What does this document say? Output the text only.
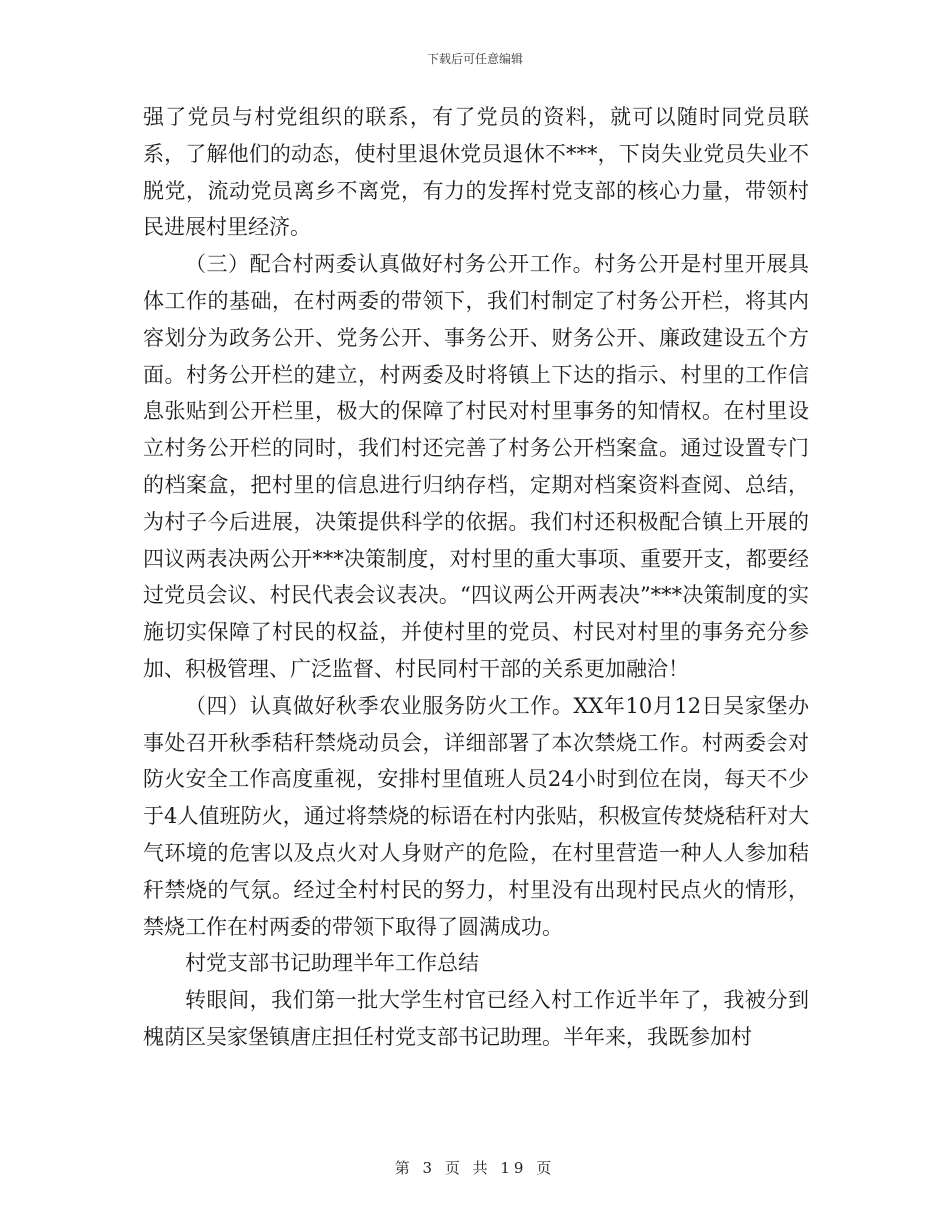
下载后可任意编辑

强了党员与村党组织的联系，有了党员的资料，就可以随时同党员联系，了解他们的动态，使村里退休党员退休不***，下岗失业党员失业不脱党，流动党员离乡不离党，有力的发挥村党支部的核心力量，带领村民进展村里经济。

（三）配合村两委认真做好村务公开工作。村务公开是村里开展具体工作的基础，在村两委的带领下，我们村制定了村务公开栏，将其内容划分为政务公开、党务公开、事务公开、财务公开、廉政建设五个方面。村务公开栏的建立，村两委及时将镇上下达的指示、村里的工作信息张贴到公开栏里，极大的保障了村民对村里事务的知情权。在村里设立村务公开栏的同时，我们村还完善了村务公开档案盒。通过设置专门的档案盒，把村里的信息进行归纳存档，定期对档案资料查阅、总结，为村子今后进展，决策提供科学的依据。我们村还积极配合镇上开展的四议两表决两公开***决策制度，对村里的重大事项、重要开支，都要经过党员会议、村民代表会议表决。“四议两公开两表决”***决策制度的实施切实保障了村民的权益，并使村里的党员、村民对村里的事务充分参加、积极管理、广泛监督、村民同村干部的关系更加融洽！

（四）认真做好秋季农业服务防火工作。XX年10月12日吴家堡办事处召开秋季秸秆禁烧动员会，详细部署了本次禁烧工作。村两委会对防火安全工作高度重视，安排村里值班人员24小时到位在岗，每天不少于4人值班防火，通过将禁烧的标语在村内张贴，积极宣传焚烧秸秆对大气环境的危害以及点火对人身财产的危险，在村里营造一种人人参加秸秆禁烧的气氛。经过全村村民的努力，村里没有出现村民点火的情形，禁烧工作在村两委的带领下取得了圆满成功。

村党支部书记助理半年工作总结

转眼间，我们第一批大学生村官已经入村工作近半年了，我被分到槐荫区吴家堡镇唐庄担任村党支部书记助理。半年来，我既参加村

第 3 页 共 19 页
